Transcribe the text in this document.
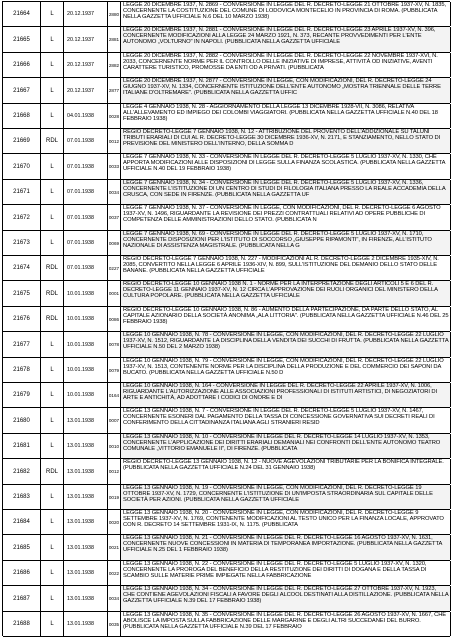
21664	L	20.12.1937	2880
LEGGE 20 DICEMBRE 1937, N. 2869 - CONVERSIONE IN LEGGE DEL R. DECRETO-LEGGE 21 OTTOBRE 1937-XV, N. 1835, CONCERNENTE LA COSTITUZIONE DEL COMUNE DI LODOVICA MONTECELIO IN PROVINCIA DI ROMA. (PUBBLICATA NELLA GAZZETTA UFFICIALE N.6 DEL 10 MARZO 1938)
21665	L	20.12.1937	2881
LEGGE 20 DICEMBRE 1937, N. 2881 - CONVERSIONE IN LEGGE DEL R. DECRETO-LEGGE 23 APRILE 1937-XV, N. 396, CONCERNENTE MODIFICAZIONI ALLA LEGGE 24 MARZO 1921, N. 373, RECANTE PROVVEDIMENTI PER L'ENTE AUTONOMO „VOLTURNO" IN NAPOLI. (PUBBLICATA NELLA GAZZETTA UFFICIALE
21666	L	20.12.1937	2882
LEGGE 20 DICEMBRE 1937, N. 2882 - CONVERSIONE IN LEGGE DEL R. DECRETO-LEGGE 22 NOVEMBRE 1937-XVI, N. 2033, CONCERNENTE NORME PER IL CONTROLLO DELLE INIZIATIVE DI IMPRESE, ATTIVITÀ OD INIZIATIVE, AVENTI CARATTERE TURISTICO, PROMOSSE DA ENTI OD A PRIVATI. (PUBBLICATA
21667	L	20.12.1937	2877
LEGGE 20 DICEMBRE 1937, N. 2877 - CONVERSIONE IN LEGGE, CON MODIFICAZIONI, DEL R. DECRETO-LEGGE 24 GIUGNO 1937-XV, N. 1334, CONCERNENTE ISTITUZIONE DELL'ENTE AUTONOMO „MOSTRA TRIENNALE DELLE TERRE ITALIANE D'OLTREMARE". (PUBBLICATA NELLA GAZZETTA UFFIC
21668	L	04.01.1938	0028
LEGGE 4 GENNAIO 1938, N. 28 - AGGIORNAMENTO DELLA LEGGE 13 DICEMBRE 1928-VII, N. 3086, RELATIVA ALL'ALLEVAMENTO ED IMPIEGO DEI COLOMBI VIAGGIATORI. (PUBBLICATA NELLA GAZZETTA UFFICIALE N.40 DEL 18 FEBBRAIO 1938)
21669	RDL	07.01.1938	0012
REGIO DECRETO-LEGGE 7 GENNAIO 1938, N. 12 - ATTRIBUZIONE DEL PROVENTO DELL'ADDIZIONALE SU TALUNI TRIBUTI ERARIALI DI CUI AL R. DECRETO-LEGGE 30 DICEMBRE 1936-XV, N. 2171, E STANZIAMENTO, NELLO STATO DI PREVISIONE DEL MINISTERO DELL'INTERNO, DELLA SOMMA D
21670	L	07.01.1938	0033
LEGGE 7 GENNAIO 1938, N. 33 - CONVERSIONE IN LEGGE DEL R. DECRETO-LEGGE 5 LUGLIO 1937-XV, N. 1330, CHE APPORTA MODIFICAZIONI ALLE DISPOSIZIONI DI LEGGE SULLA FINANZA SCOLASTICA. (PUBBLICATA NELLA GAZZETTA UFFICIALE N.40 DEL 19 FEBBRAIO 1938)
21671	L	07.01.1938	0034
LEGGE 7 GENNAIO 1938, N. 34 - CONVERSIONE IN LEGGE DEL R. DECRETO-LEGGE 5 LUGLIO 1937-XV, N. 1336, CONCERNENTE L'ISTITUZIONE DI UN CENTRO DI STUDI DI FILOLOGIA ITALIANA PRESSO LA REALE ACCADEMIA DELLA CRUSCA, CON SEDE IN FIRENZE. (PUBBLICATA NELLA GAZZETTA UF
21672	L	07.01.1938	0037
LEGGE 7 GENNAIO 1938, N. 37 - CONVERSIONE IN LEGGE, CON MODIFICAZIONI, DEL R. DECRETO-LEGGE 6 AGOSTO 1937-XV, N. 1496, RIGUARDANTE LA REVISIONE DEI PREZZI CONTRATTUALI RELATIVI AD OPERE PUBBLICHE DI COMPETENZA DELLE AMMINISTRAZIONI DELLO STATO. (PUBBLICATA N
21673	L	07.01.1938	0069
LEGGE 7 GENNAIO 1938, N. 69 - CONVERSIONE IN LEGGE DEL R. DECRETO-LEGGE 5 LUGLIO 1937-XV, N. 1710, CONCERNENTE DISPOSIZIONI PER L'ISTITUTO DI SOCCORSO „GIUSEPPE RIPAMONTI", IN FIRENZE, ALL'ISTITUTO NAZIONALE DI ASSISTENZA MAGISTRALE. (PUBBLICATA NELLA G
21674	RDL	07.01.1938	0227
REGIO DECRETO-LEGGE 7 GENNAIO 1938, N. 227 - MODIFICAZIONI AL R. DECRETO-LEGGE 2 DICEMBRE 1935-XIV, N. 2085, CONVERTITO NELLA LEGGE 6 APRILE 1936-XIV, N. 899, SULL'ISTITUZIONE DEL DEMANIO DELLO STATO DELLE BANANE. (PUBBLICATA NELLA GAZZETTA UFFICIALE
21675	RDL	10.01.1938	0001
REGIO DECRETO-LEGGE 10 GENNAIO 1938 N. 1 - NORME PER LA INTERPRETAZIONE DEGLI ARTICOLI 5 E 6 DEL R. DECRETO-LEGGE 11 GENNAIO 1937-XV, N. 12 CIRCA L'APPROVAZIONE DEI RUOLI ORGANICI DEL MINISTERO DELLA CULTURA POPOLARE. (PUBBLICATA NELLA GAZZETTA UFFICIALE
21676	RDL	10.01.1938	0086
REGIO DECRETO-LEGGE 10 GENNAIO 1938, N. 86 - AUMENTO DELLA PARTECIPAZIONE, DA PARTE DELLO STATO, AL CAPITALE AZIONARIO DELLA SOCIETÀ ANONIMA „ALA LITTORIA". (PUBBLICATA NELLA GAZZETTA UFFICIALE N.46 DEL 25 FEBBRAIO 1938)
21677	L	10.01.1938	0078
LEGGE 10 GENNAIO 1938, N. 78 - CONVERSIONE IN LEGGE, CON MODIFICAZIONI, DEL R. DECRETO-LEGGE 22 LUGLIO 1937-XV, N. 1512, RIGUARDANTE LA DISCIPLINA DELLA VENDITA DEI SUCCHI DI FRUTTA. (PUBBLICATA NELLA GAZZETTA UFFICIALE N.50 DEL 2 MARZO 1938)
21678	L	10.01.1938	0079
LEGGE 10 GENNAIO 1938, N. 79 - CONVERSIONE IN LEGGE, CON MODIFICAZIONI, DEL R. DECRETO-LEGGE 22 LUGLIO 1937-XV, N. 1513, CONTENENTE NORME PER LA DISCIPLINA DELLA PRODUZIONE E DEL COMMERCIO DEI SAPONI DA BUCATO. (PUBBLICATA NELLA GAZZETTA UFFICIALE N.50 D
21679	L	10.01.1938	0164
LEGGE 10 GENNAIO 1938, N. 164 - CONVERSIONE IN LEGGE DEL R. DECRETO-LEGGE 22 APRILE 1937-XV, N. 1006, RIGUARDANTE L'AUTORIZZAZIONE ALLE ASSOCIAZIONI PROFESSIONALI DI ISTITUTI ARTISTICI, DI NEGOZIATORI DI ARTE E ANTICHITÀ, AD ADOTTARE I CODICI DI ONORE E DI
21680	L	13.01.1938	0007
LEGGE 13 GENNAIO 1938, N. 7 - CONVERSIONE IN LEGGE DEL R. DECRETO-LEGGE 5 LUGLIO 1937-XV, N. 1467, CONCERNENTE ESONERI DAL PAGAMENTO DELLA TASSA DI CONCESSIONE GOVERNATIVA SUI DECRETI REALI DI CONFERIMENTO DELLA CITTADINANZA ITALIANA AGLI STRANIERI RESID
21681	L	13.01.1938	0010
LEGGE 13 GENNAIO 1938, N. 10 - CONVERSIONE IN LEGGE DEL R. DECRETO-LEGGE 14 LUGLIO 1937-XV, N. 1353, CONCERNENTE L'APPLICAZIONE DEI DIRITTI ERARIALI DEMANIALI NEI CONFRONTI DELL'ENTE AUTONOMO TEATRO COMUNALE „VITTORIO EMANUELE II", DI FIRENZE. (PUBBLICATA
21682	RDL	13.01.1938	0012
REGIO DECRETO-LEGGE 13 GENNAIO 1938, N. 12 - NUOVE AGEVOLAZIONI TRIBUTARIE PER LA BONIFICA INTEGRALE. (PUBBLICATA NELLA GAZZETTA UFFICIALE N.24 DEL 31 GENNAIO 1938)
21683	L	13.01.1938	0019
LEGGE 13 GENNAIO 1938, N. 19 - CONVERSIONE IN LEGGE, CON MODIFICAZIONI, DEL R. DECRETO-LEGGE 19 OTTOBRE 1937-XV, N. 1729, CONCERNENTE L'ISTITUZIONE DI UN'IMPOSTA STRAORDINARIA SUL CAPITALE DELLE SOCIETÀ PER AZIONI. (PUBBLICATA NELLA GAZZETTA UFFICIALE
21684	L	13.01.1938	0020
LEGGE 13 GENNAIO 1938, N. 20 - CONVERSIONE IN LEGGE, CON MODIFICAZIONI, DEL R. DECRETO-LEGGE 9 SETTEMBRE 1937-XV, N. 1769, CONTENENTE MODIFICAZIONI AL TESTO UNICO PER LA FINANZA LOCALE, APPROVATO CON R. DECRETO 14 SETTEMBRE 1931-IX, N. 1175. (PUBBLICATA
21685	L	13.01.1938	0021
LEGGE 13 GENNAIO 1938, N. 21 - CONVERSIONE IN LEGGE DEL R. DECRETO-LEGGE 16 AGOSTO 1937-XV, N. 1631, CONCERNENTE NUOVE CONCESSIONI IN MATERIA DI TEMPORANEA IMPORTAZIONE. (PUBBLICATA NELLA GAZZETTA UFFICIALE N.25 DEL 1 FEBBRAIO 1938)
21686	L	13.01.1938	0022
LEGGE 13 GENNAIO 1938, N. 22 - CONVERSIONE IN LEGGE DEL R. DECRETO-LEGGE 5 LUGLIO 1937-XV, N. 1320, CONCERNENTE LA PROROGA DEL BENEFICIO DELLA RESTITUZIONE DEI DIRITTI DI DOGANA E DELLA TASSA DI SCAMBIO SULLE MATERIE PRIME IMPIEGATE NELLA FABBRICAZIONE
21687	L	13.01.1938	0034
LEGGE 13 GENNAIO 1938, N. 34 - CONVERSIONE IN LEGGE DEL R. DECRETO-LEGGE 27 OTTOBRE 1937-XV, N. 1923, CHE CONTIENE AGEVOLAZIONI FISCALI A FAVORE DEGLI ALCOOL DESTINATI ALLA DISTILLAZIONE. (PUBBLICATA NELLA GAZZETTA UFFICIALE N.39 DEL 17 FEBBRAIO 1938)
21688	L	13.01.1938	0035
LEGGE 13 GENNAIO 1938, N. 35 - CONVERSIONE IN LEGGE DEL R. DECRETO-LEGGE 26 AGOSTO 1937-XV, N. 1667, CHE ABOLISCE LA IMPOSTA SULLA FABBRICAZIONE DELLE MARGARINE E DEGLI ALTRI SUCCEDANEI DEL BURRO. (PUBBLICATA NELLA GAZZETTA UFFICIALE N.39 DEL 17 FEBBRAIO
